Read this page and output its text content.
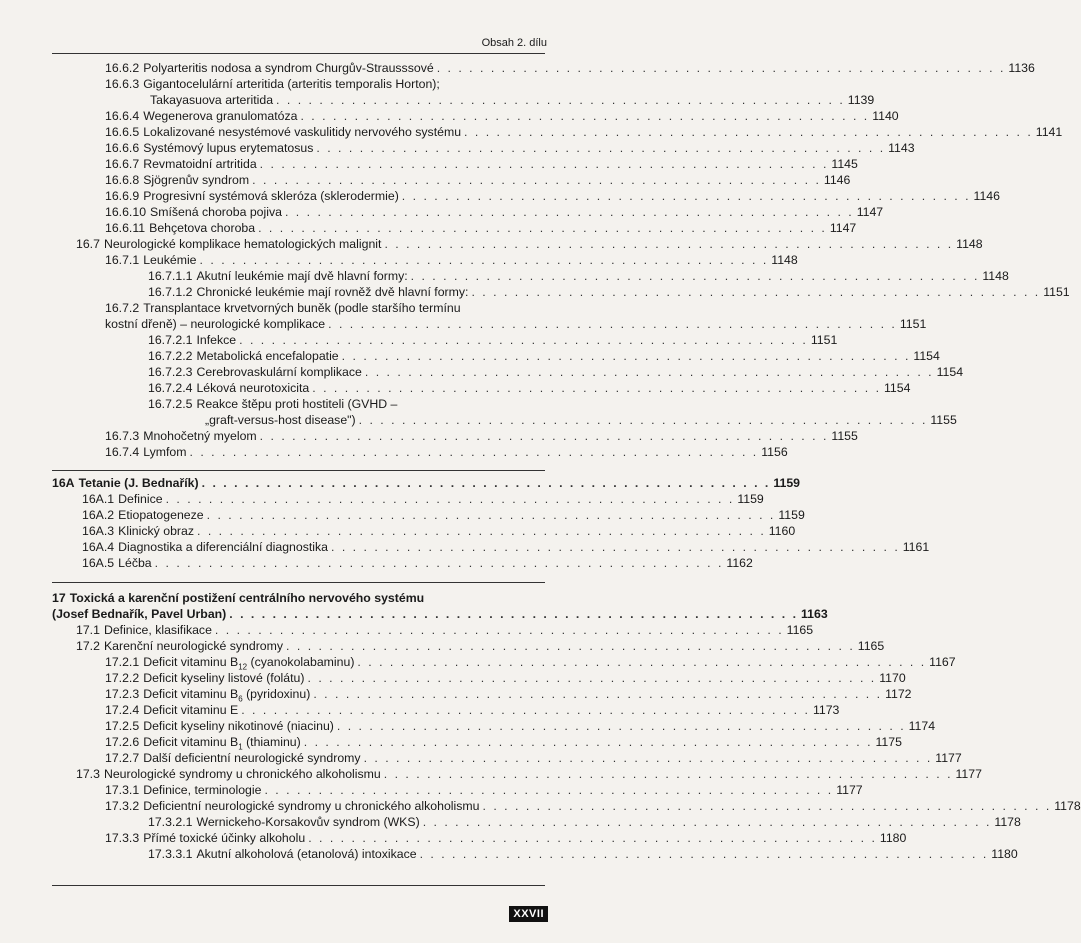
Obsah 2. dílu
16.6.2 Polyarteritis nodosa a syndrom Churgův-Strausssové . . . . . . . . . . . . . . . . . . . . . . . . . . . . . . . . . . . . . . . . . . . . . . . . . . . . . 1136
16.6.3 Gigantocelulární arteritida (arteritis temporalis Horton);
Takayasuova arteritida . . . . . . . . . . . . . . . . . . . . . . . . . . . . . . . . . . . . . . . . . . . . . . . . . . . . . 1139
16.6.4 Wegenerova granulomatóza . . . . . . . . . . . . . . . . . . . . . . . . . . . . . . . . . . . . . . . . . . . . . . . . . . . . . 1140
16.6.5 Lokalizované nesystémové vaskulitidy nervového systému . . . . . . . . . . . . . . . . . . . . . . . . . . . . . . . . . . . . . . . . . . . . . . . . . . . . . 1141
16.6.6 Systémový lupus erytematosus . . . . . . . . . . . . . . . . . . . . . . . . . . . . . . . . . . . . . . . . . . . . . . . . . . . . . 1143
16.6.7 Revmatoidní artritida . . . . . . . . . . . . . . . . . . . . . . . . . . . . . . . . . . . . . . . . . . . . . . . . . . . . . 1145
16.6.8 Sjögrenův syndrom . . . . . . . . . . . . . . . . . . . . . . . . . . . . . . . . . . . . . . . . . . . . . . . . . . . . . 1146
16.6.9 Progresivní systémová skleróza (sklerodermie) . . . . . . . . . . . . . . . . . . . . . . . . . . . . . . . . . . . . . . . . . . . . . . . . . . . . . 1146
16.6.10 Smíšená choroba pojiva . . . . . . . . . . . . . . . . . . . . . . . . . . . . . . . . . . . . . . . . . . . . . . . . . . . . . 1147
16.6.11 Behçetova choroba . . . . . . . . . . . . . . . . . . . . . . . . . . . . . . . . . . . . . . . . . . . . . . . . . . . . . 1147
16.7 Neurologické komplikace hematologických malignit . . . . . . . . . . . . . . . . . . . . . . . . . . . . . . . . . . . . . . . . . . . . . . . . . . . . . 1148
16.7.1 Leukémie . . . . . . . . . . . . . . . . . . . . . . . . . . . . . . . . . . . . . . . . . . . . . . . . . . . . . 1148
16.7.1.1 Akutní leukémie mají dvě hlavní formy: . . . . . . . . . . . . . . . . . . . . . . . . . . . . . . . . . . . . . . . . . . . . . . . . . . . . . 1148
16.7.1.2 Chronické leukémie mají rovněž dvě hlavní formy: . . . . . . . . . . . . . . . . . . . . . . . . . . . . . . . . . . . . . . . . . . . . . . . . . . . . . 1151
16.7.2 Transplantace krvetvorných buněk (podle staršího termínu
kostní dřeně) – neurologické komplikace . . . . . . . . . . . . . . . . . . . . . . . . . . . . . . . . . . . . . . . . . . . . . . . . . . . . . 1151
16.7.2.1 Infekce . . . . . . . . . . . . . . . . . . . . . . . . . . . . . . . . . . . . . . . . . . . . . . . . . . . . . 1151
16.7.2.2 Metabolická encefalopatie . . . . . . . . . . . . . . . . . . . . . . . . . . . . . . . . . . . . . . . . . . . . . . . . . . . . . 1154
16.7.2.3 Cerebrovaskulární komplikace . . . . . . . . . . . . . . . . . . . . . . . . . . . . . . . . . . . . . . . . . . . . . . . . . . . . . 1154
16.7.2.4 Léková neurotoxicita . . . . . . . . . . . . . . . . . . . . . . . . . . . . . . . . . . . . . . . . . . . . . . . . . . . . . 1154
16.7.2.5 Reakce štěpu proti hostiteli (GVHD –
„graft-versus-host disease") . . . . . . . . . . . . . . . . . . . . . . . . . . . . . . . . . . . . . . . . . . . . . . . . . . . . . 1155
16.7.3 Mnohočetný myelom . . . . . . . . . . . . . . . . . . . . . . . . . . . . . . . . . . . . . . . . . . . . . . . . . . . . . 1155
16.7.4 Lymfom . . . . . . . . . . . . . . . . . . . . . . . . . . . . . . . . . . . . . . . . . . . . . . . . . . . . . 1156
16A Tetanie (J. Bednařík) . . . . . . . . . . . . . . . . . . . . . . . . . . . . . . . . . . . . . . . . . . . . . . . . . . . . . 1159
16A.1 Definice . . . . . . . . . . . . . . . . . . . . . . . . . . . . . . . . . . . . . . . . . . . . . . . . . . . . . 1159
16A.2 Etiopatogeneze . . . . . . . . . . . . . . . . . . . . . . . . . . . . . . . . . . . . . . . . . . . . . . . . . . . . . 1159
16A.3 Klinický obraz . . . . . . . . . . . . . . . . . . . . . . . . . . . . . . . . . . . . . . . . . . . . . . . . . . . . . 1160
16A.4 Diagnostika a diferenciální diagnostika . . . . . . . . . . . . . . . . . . . . . . . . . . . . . . . . . . . . . . . . . . . . . . . . . . . . . 1161
16A.5 Léčba . . . . . . . . . . . . . . . . . . . . . . . . . . . . . . . . . . . . . . . . . . . . . . . . . . . . . 1162
17 Toxická a karenční postižení centrálního nervového systému
(Josef Bednařík, Pavel Urban) . . . . . . . . . . . . . . . . . . . . . . . . . . . . . . . . . . . . . . . . . . . . . . . . . . . . . 1163
17.1 Definice, klasifikace . . . . . . . . . . . . . . . . . . . . . . . . . . . . . . . . . . . . . . . . . . . . . . . . . . . . . 1165
17.2 Karenční neurologické syndromy . . . . . . . . . . . . . . . . . . . . . . . . . . . . . . . . . . . . . . . . . . . . . . . . . . . . . 1165
17.2.1 Deficit vitaminu $B_{12}$ (cyanokolabaminu) . . . . . . . . . . . . . . . . . . . . . . . . . . . . . . . . . . . . . . . . . . . . . . . . . . . . . 1167
17.2.2 Deficit kyseliny listové (folátu) . . . . . . . . . . . . . . . . . . . . . . . . . . . . . . . . . . . . . . . . . . . . . . . . . . . . . 1170
17.2.3 Deficit vitaminu $B_6$ (pyridoxinu) . . . . . . . . . . . . . . . . . . . . . . . . . . . . . . . . . . . . . . . . . . . . . . . . . . . . . 1172
17.2.4 Deficit vitaminu E . . . . . . . . . . . . . . . . . . . . . . . . . . . . . . . . . . . . . . . . . . . . . . . . . . . . . 1173
17.2.5 Deficit kyseliny nikotinové (niacinu) . . . . . . . . . . . . . . . . . . . . . . . . . . . . . . . . . . . . . . . . . . . . . . . . . . . . . 1174
17.2.6 Deficit vitaminu $B_1$ (thiaminu) . . . . . . . . . . . . . . . . . . . . . . . . . . . . . . . . . . . . . . . . . . . . . . . . . . . . . 1175
17.2.7 Další deficientní neurologické syndromy . . . . . . . . . . . . . . . . . . . . . . . . . . . . . . . . . . . . . . . . . . . . . . . . . . . . . 1177
17.3 Neurologické syndromy u chronického alkoholismu . . . . . . . . . . . . . . . . . . . . . . . . . . . . . . . . . . . . . . . . . . . . . . . . . . . . . 1177
17.3.1 Definice, terminologie . . . . . . . . . . . . . . . . . . . . . . . . . . . . . . . . . . . . . . . . . . . . . . . . . . . . . 1177
17.3.2 Deficientní neurologické syndromy u chronického alkoholismu . . . . . . . . . . . . . . . . . . . . . . . . . . . . . . . . . . . . . . . . . . . . . . . . . . . . . 1178
17.3.2.1 Wernickeho-Korsakovův syndrom (WKS) . . . . . . . . . . . . . . . . . . . . . . . . . . . . . . . . . . . . . . . . . . . . . . . . . . . . . 1178
17.3.3 Přímé toxické účinky alkoholu . . . . . . . . . . . . . . . . . . . . . . . . . . . . . . . . . . . . . . . . . . . . . . . . . . . . . 1180
17.3.3.1 Akutní alkoholová (etanolová) intoxikace . . . . . . . . . . . . . . . . . . . . . . . . . . . . . . . . . . . . . . . . . . . . . . . . . . . . . 1180
XXVII
